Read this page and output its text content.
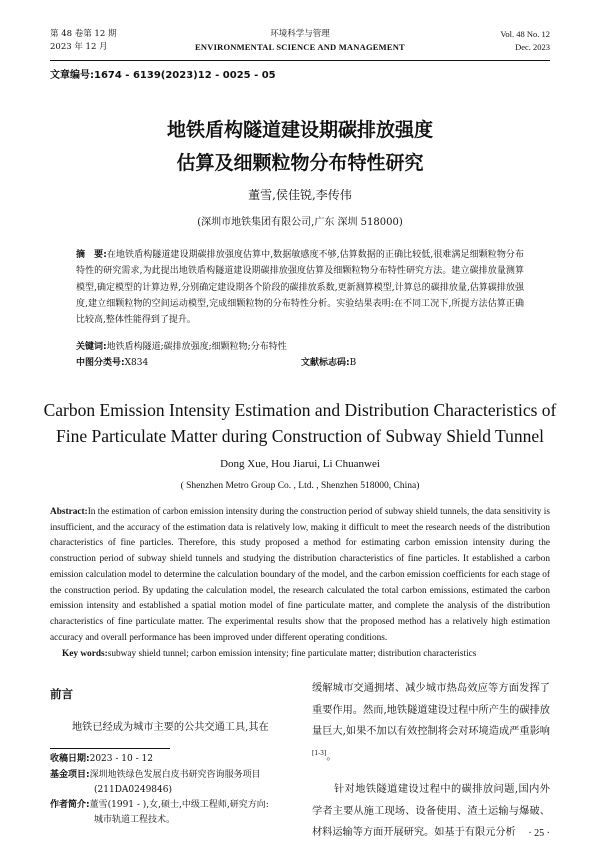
第 48 卷第 12 期
2023 年 12 月
环境科学与管理
ENVIRONMENTAL SCIENCE AND MANAGEMENT
Vol. 48 No. 12
Dec. 2023
文章编号:1674 - 6139(2023)12 - 0025 - 05
地铁盾构隧道建设期碳排放强度
估算及细颗粒物分布特性研究
董雪,侯佳锐,李传伟
(深圳市地铁集团有限公司,广东 深圳 518000)
摘　要:在地铁盾构隧道建设期碳排放强度估算中,数据敏感度不够,估算数据的正确比较低,很难满足细颗粒物分布特性的研究需求,为此提出地铁盾构隧道建设期碳排放强度估算及细颗粒物分布特性研究方法。建立碳排放量测算模型,确定模型的计算边界,分别确定建设期各个阶段的碳排放系数,更新测算模型,计算总的碳排放量,估算碳排放强度,建立细颗粒物的空间运动模型,完成细颗粒物的分布特性分析。实验结果表明:在不同工况下,所提方法估算正确比较高,整体性能得到了提升。
关键词:地铁盾构隧道;碳排放强度;细颗粒物;分布特性
中图分类号:X834	文献标志码:B
Carbon Emission Intensity Estimation and Distribution Characteristics of
Fine Particulate Matter during Construction of Subway Shield Tunnel
Dong Xue, Hou Jiarui, Li Chuanwei
( Shenzhen Metro Group Co. , Ltd. , Shenzhen 518000, China)
Abstract:In the estimation of carbon emission intensity during the construction period of subway shield tunnels, the data sensitivity is insufficient, and the accuracy of the estimation data is relatively low, making it difficult to meet the research needs of the distribution characteristics of fine particles. Therefore, this study proposed a method for estimating carbon emission intensity during the construction period of subway shield tunnels and studying the distribution characteristics of fine particles. It established a carbon emission calculation model to determine the calculation boundary of the model, and the carbon emission coefficients for each stage of the construction period. By updating the calculation model, the research calculated the total carbon emissions, estimated the carbon emission intensity and established a spatial motion model of fine particulate matter, and complete the analysis of the distribution characteristics of fine particulate matter. The experimental results show that the proposed method has a relatively high estimation accuracy and overall performance has been improved under different operating conditions.
Key words:subway shield tunnel; carbon emission intensity; fine particulate matter; distribution characteristics
前言
地铁已经成为城市主要的公共交通工具,其在
收稿日期:2023 - 10 - 12
基金项目:深圳地铁绿色发展白皮书研究咨询服务项目
(211DA0249846)
作者简介:董雪(1991 - ),女,硕士,中级工程师,研究方向:
城市轨道工程技术。

缓解城市交通拥堵、减少城市热岛效应等方面发挥了重要作用。然而,地铁隧道建设过程中所产生的碳排放量巨大,如果不加以有效控制将会对环境造成严重影响[1-3]。

针对地铁隧道建设过程中的碳排放问题,国内外学者主要从施工现场、设备使用、渣土运输与爆破、材料运输等方面开展研究。如基于有限元分析	· 25 ·
